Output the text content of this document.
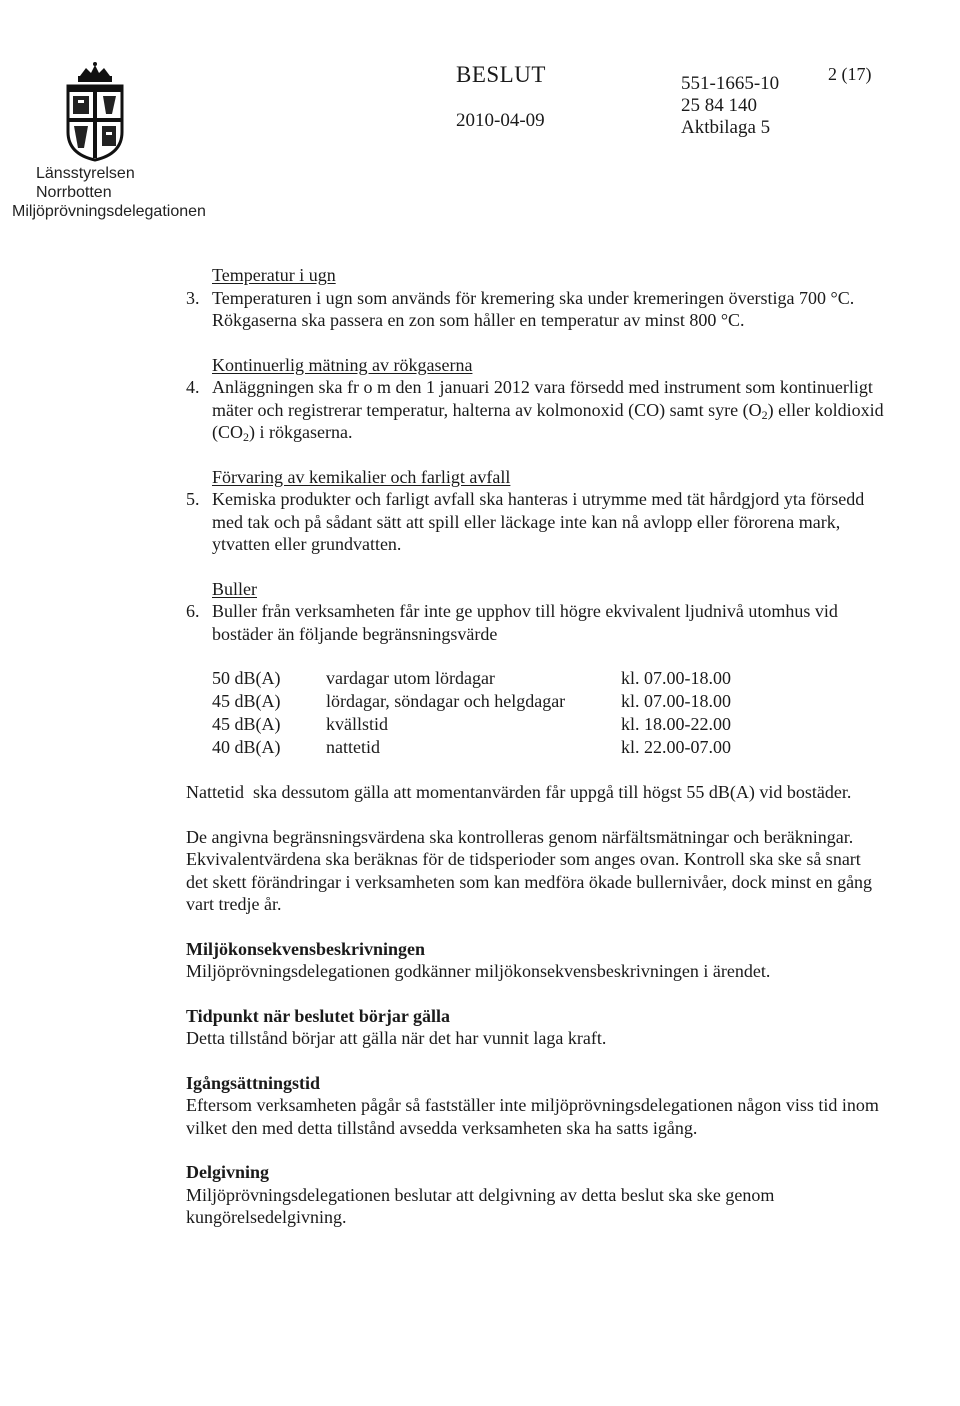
Länsstyrelsen
Norrbotten
Miljöprövningsdelegationen
BESLUT	2 (17)
2010-04-09
551-1665-10
25 84 140
Aktbilaga 5
Temperatur i ugn
3. Temperaturen i ugn som används för kremering ska under kremeringen överstiga 700 °C. Rökgaserna ska passera en zon som håller en temperatur av minst 800 °C.
Kontinuerlig mätning av rökgaserna
4. Anläggningen ska fr o m den 1 januari 2012 vara försedd med instrument som kontinuerligt mäter och registrerar temperatur, halterna av kolmonoxid (CO) samt syre $(O_2)$ eller koldioxid $(CO_2)$ i rökgaserna.
Förvaring av kemikalier och farligt avfall
5. Kemiska produkter och farligt avfall ska hanteras i utrymme med tät hårdgjord yta försedd med tak och på sådant sätt att spill eller läckage inte kan nå avlopp eller förorena mark, ytvatten eller grundvatten.
Buller
6. Buller från verksamheten får inte ge upphov till högre ekvivalent ljudnivå utomhus vid bostäder än följande begränsningsvärde
50 dB(A)	vardagar utom lördagar	kl. 07.00-18.00
45 dB(A)	lördagar, söndagar och helgdagar	kl. 07.00-18.00
45 dB(A)	kvällstid	kl. 18.00-22.00
40 dB(A)	nattetid	kl. 22.00-07.00
Nattetid  ska dessutom gälla att momentanvärden får uppgå till högst 55 dB(A) vid bostäder.
De angivna begränsningsvärdena ska kontrolleras genom närfältsmätningar och beräkningar. Ekvivalentvärdena ska beräknas för de tidsperioder som anges ovan. Kontroll ska ske så snart det skett förändringar i verksamheten som kan medföra ökade bullernivåer, dock minst en gång vart tredje år.
Miljökonsekvensbeskrivningen
Miljöprövningsdelegationen godkänner miljökonsekvensbeskrivningen i ärendet.
Tidpunkt när beslutet börjar gälla
Detta tillstånd börjar att gälla när det har vunnit laga kraft.
Igångsättningstid
Eftersom verksamheten pågår så fastställer inte miljöprövningsdelegationen någon viss tid inom vilket den med detta tillstånd avsedda verksamheten ska ha satts igång.
Delgivning
Miljöprövningsdelegationen beslutar att delgivning av detta beslut ska ske genom kungörelsedelgivning.
